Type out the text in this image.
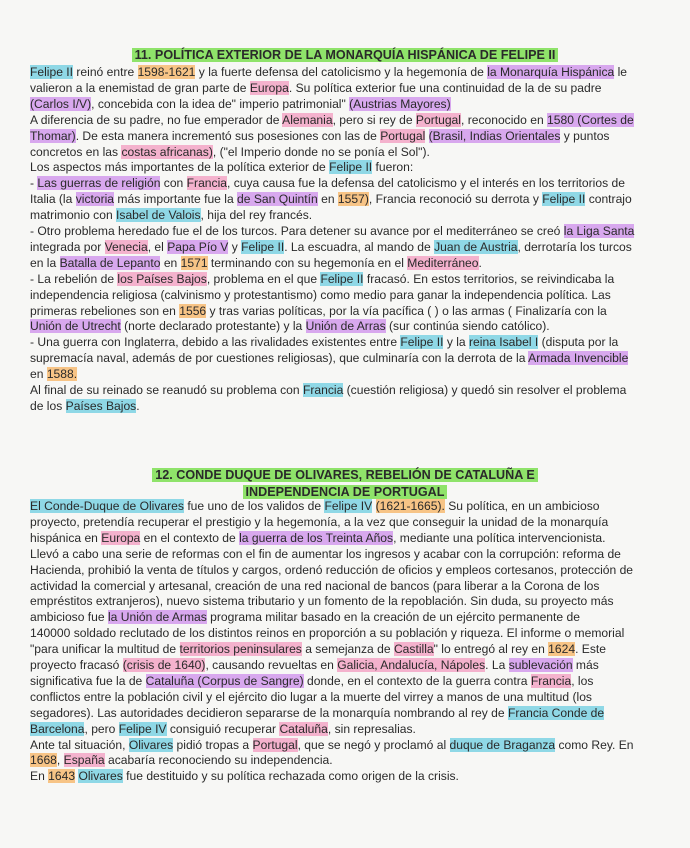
11. POLÍTICA EXTERIOR DE LA MONARQUÍA HISPÁNICA DE FELIPE II
Felipe II reinó entre 1598-1621 y la fuerte defensa del catolicismo y la hegemonía de la Monarquía Hispánica le
valieron a la enemistad de gran parte de Europa. Su política exterior fue una continuidad de la de su padre
(Carlos I/V), concebida con la idea de" imperio patrimonial" (Austrias Mayores)
A diferencia de su padre, no fue emperador de Alemania, pero si rey de Portugal, reconocido en 1580 (Cortes de
Thomar). De esta manera incrementó sus posesiones con las de Portugal (Brasil, Indias Orientales y puntos
concretos en las costas africanas), ("el Imperio donde no se ponía el Sol").
Los aspectos más importantes de la política exterior de Felipe II fueron:
- Las guerras de religión con Francia, cuya causa fue la defensa del catolicismo y el interés en los territorios de
Italia (la victoria más importante fue la de San Quintín en 1557), Francia reconoció su derrota y Felipe II contrajo
matrimonio con Isabel de Valois, hija del rey francés.
- Otro problema heredado fue el de los turcos. Para detener su avance por el mediterráneo se creó la Liga Santa
integrada por Venecia, el Papa Pío V y Felipe II. La escuadra, al mando de Juan de Austria, derrotaría los turcos
en la Batalla de Lepanto en 1571 terminando con su hegemonía en el Mediterráneo.
- La rebelión de los Países Bajos, problema en el que Felipe II fracasó. En estos territorios, se reivindicaba la
independencia religiosa (calvinismo y protestantismo) como medio para ganar la independencia política. Las
primeras rebeliones son en 1556 y tras varias políticas, por la vía pacífica ( ) o las armas ( Finalizaría con la
Unión de Utrecht (norte declarado protestante) y la Unión de Arras (sur continúa siendo católico).
- Una guerra con Inglaterra, debido a las rivalidades existentes entre Felipe II y la reina Isabel I (disputa por la
supremacía naval, además de por cuestiones religiosas), que culminaría con la derrota de la Armada Invencible
en 1588.
Al final de su reinado se reanudó su problema con Francia (cuestión religiosa) y quedó sin resolver el problema
de los Países Bajos.
12. CONDE DUQUE DE OLIVARES, REBELIÓN DE CATALUÑA E
INDEPENDENCIA DE PORTUGAL
El Conde-Duque de Olivares fue uno de los validos de Felipe IV (1621-1665). Su política, en un ambicioso
proyecto, pretendía recuperar el prestigio y la hegemonía, a la vez que conseguir la unidad de la monarquía
hispánica en Europa en el contexto de la guerra de los Treinta Años, mediante una política intervencionista.
Llevó a cabo una serie de reformas con el fin de aumentar los ingresos y acabar con la corrupción: reforma de
Hacienda, prohibió la venta de títulos y cargos, ordenó reducción de oficios y empleos cortesanos, protección de
actividad la comercial y artesanal, creación de una red nacional de bancos (para liberar a la Corona de los
empréstitos extranjeros), nuevo sistema tributario y un fomento de la repoblación. Sin duda, su proyecto más
ambicioso fue la Unión de Armas programa militar basado en la creación de un ejército permanente de
140000 soldado reclutado de los distintos reinos en proporción a su población y riqueza. El informe o memorial
"para unificar la multitud de territorios peninsulares a semejanza de Castilla" lo entregó al rey en 1624. Este
proyecto fracasó (crisis de 1640), causando revueltas en Galicia, Andalucía, Nápoles. La sublevación más
significativa fue la de Cataluña (Corpus de Sangre) donde, en el contexto de la guerra contra Francia, los
conflictos entre la población civil y el ejército dio lugar a la muerte del virrey a manos de una multitud (los
segadores). Las autoridades decidieron separarse de la monarquía nombrando al rey de Francia Conde de
Barcelona, pero Felipe IV consiguió recuperar Cataluña, sin represalias.
Ante tal situación, Olivares pidió tropas a Portugal, que se negó y proclamó al duque de Braganza como Rey. En
1668, España acabaría reconociendo su independencia.
En 1643 Olivares fue destituido y su política rechazada como origen de la crisis.
